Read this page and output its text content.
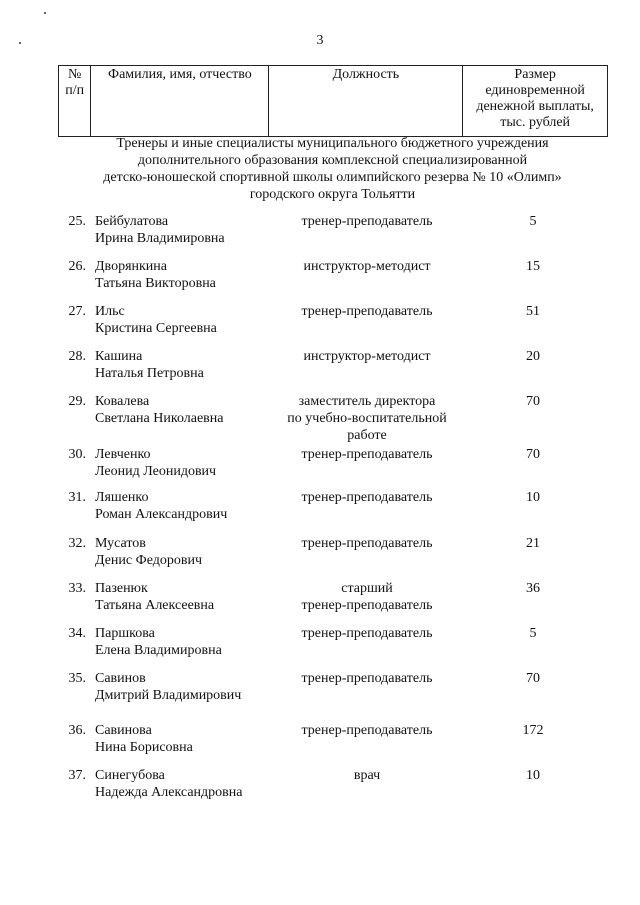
3
№ п/п	Фамилия, имя, отчество	Должность	Размер
единовременной
денежной выплаты,
тыс. рублей
Тренеры и иные специалисты муниципального бюджетного учреждения
дополнительного образования комплексной специализированной
детско-юношеской спортивной школы олимпийского резерва № 10 «Олимп»
городского округа Тольятти
25. Бейбулатова
Ирина Владимировна
тренер-преподаватель	5
26. Дворянкина
Татьяна Викторовна
инструктор-методист	15
27. Ильс
Кристина Сергеевна
тренер-преподаватель	51
28. Кашина
Наталья Петровна
инструктор-методист	20
29. Ковалева
Светлана Николаевна
заместитель директора
по учебно-воспитательной
работе
70
30. Левченко
Леонид Леонидович
тренер-преподаватель	70
31. Ляшенко
Роман Александрович
тренер-преподаватель	10
32. Мусатов
Денис Федорович
тренер-преподаватель	21
33. Пазенюк
Татьяна Алексеевна
старший
тренер-преподаватель
36
34. Паршкова
Елена Владимировна
тренер-преподаватель	5
35. Савинов
Дмитрий Владимирович
тренер-преподаватель	70
36. Савинова
Нина Борисовна
тренер-преподаватель	172
37. Синегубова
Надежда Александровна
врач	10
